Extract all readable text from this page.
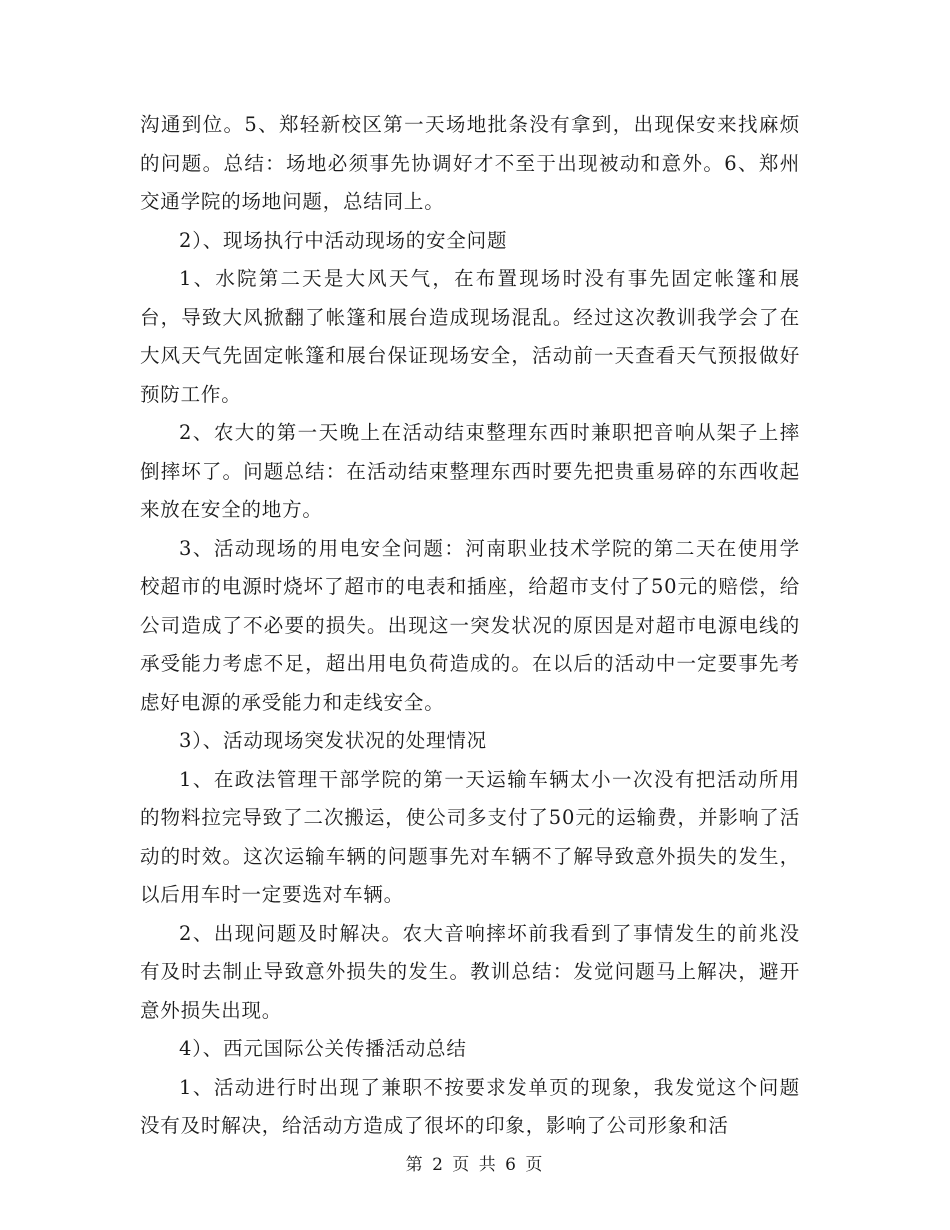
沟通到位。5、郑轻新校区第一天场地批条没有拿到，出现保安来找麻烦的问题。总结：场地必须事先协调好才不至于出现被动和意外。6、郑州交通学院的场地问题，总结同上。

2）、现场执行中活动现场的安全问题

1、水院第二天是大风天气，在布置现场时没有事先固定帐篷和展台，导致大风掀翻了帐篷和展台造成现场混乱。经过这次教训我学会了在大风天气先固定帐篷和展台保证现场安全，活动前一天查看天气预报做好预防工作。

2、农大的第一天晚上在活动结束整理东西时兼职把音响从架子上摔倒摔坏了。问题总结：在活动结束整理东西时要先把贵重易碎的东西收起来放在安全的地方。

3、活动现场的用电安全问题：河南职业技术学院的第二天在使用学校超市的电源时烧坏了超市的电表和插座，给超市支付了50元的赔偿，给公司造成了不必要的损失。出现这一突发状况的原因是对超市电源电线的承受能力考虑不足，超出用电负荷造成的。在以后的活动中一定要事先考虑好电源的承受能力和走线安全。

3）、活动现场突发状况的处理情况

1、在政法管理干部学院的第一天运输车辆太小一次没有把活动所用的物料拉完导致了二次搬运，使公司多支付了50元的运输费，并影响了活动的时效。这次运输车辆的问题事先对车辆不了解导致意外损失的发生，以后用车时一定要选对车辆。

2、出现问题及时解决。农大音响摔坏前我看到了事情发生的前兆没有及时去制止导致意外损失的发生。教训总结：发觉问题马上解决，避开意外损失出现。

4）、西元国际公关传播活动总结

1、活动进行时出现了兼职不按要求发单页的现象，我发觉这个问题没有及时解决，给活动方造成了很坏的印象，影响了公司形象和活

第 2 页 共 6 页
